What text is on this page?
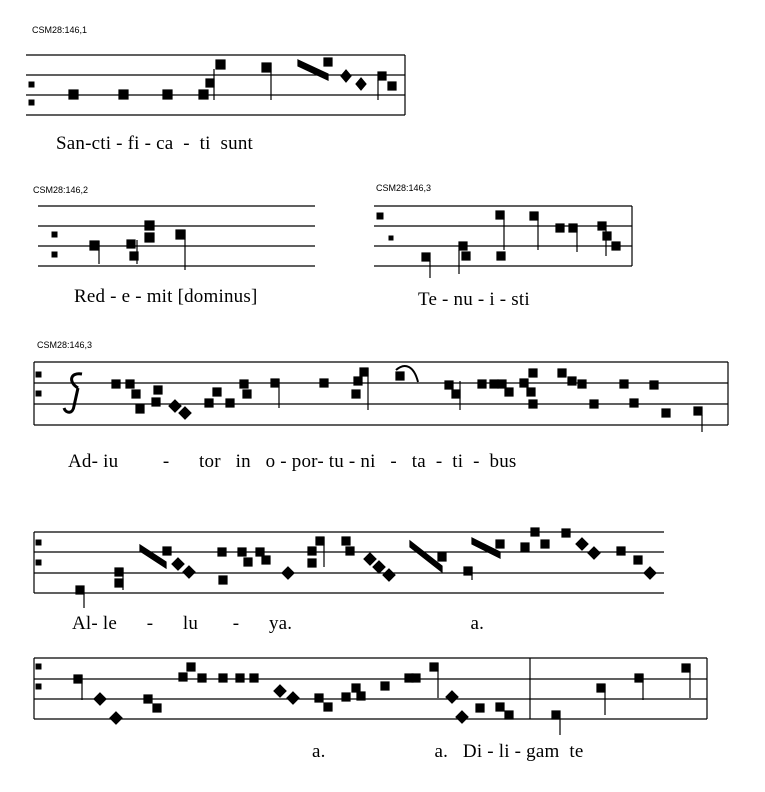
CSM28:146,1
CSM28:146,2	CSM28:146,3
CSM28:146,3
San-cti - fi - ca  -  ti  sunt
Red - e - mit [dominus]	Te - nu - i - sti
Ad- iu         -      tor   in   o - por- tu - ni   -   ta  -  ti  -  bus
Al- le      -      lu       -      ya.                                    a.
a.                      a.   Di - li - gam  te
